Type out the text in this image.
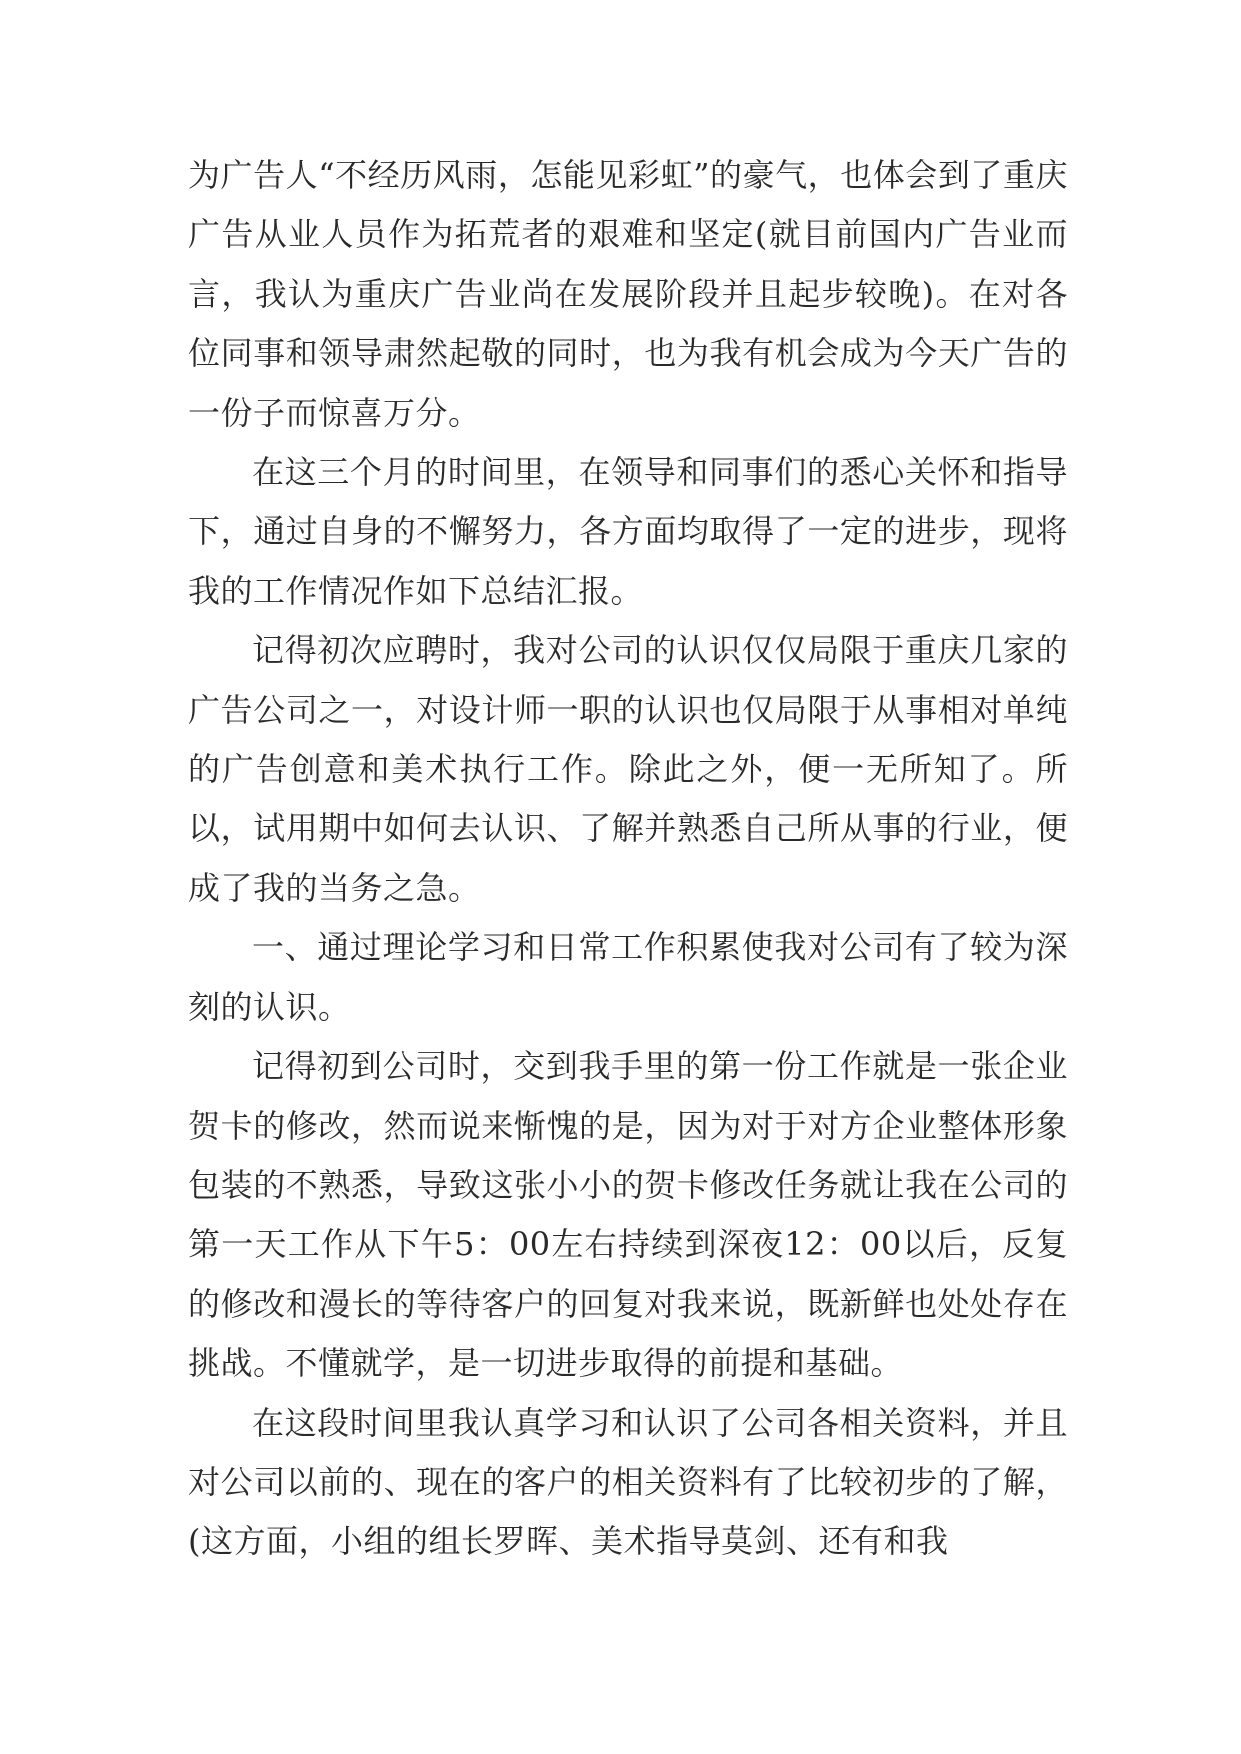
为广告人“不经历风雨，怎能见彩虹”的豪气，也体会到了重庆广告从业人员作为拓荒者的艰难和坚定(就目前国内广告业而言，我认为重庆广告业尚在发展阶段并且起步较晚)。在对各位同事和领导肃然起敬的同时，也为我有机会成为今天广告的一份子而惊喜万分。

在这三个月的时间里，在领导和同事们的悉心关怀和指导下，通过自身的不懈努力，各方面均取得了一定的进步，现将我的工作情况作如下总结汇报。

记得初次应聘时，我对公司的认识仅仅局限于重庆几家的广告公司之一，对设计师一职的认识也仅局限于从事相对单纯的广告创意和美术执行工作。除此之外，便一无所知了。所以，试用期中如何去认识、了解并熟悉自己所从事的行业，便成了我的当务之急。

一、通过理论学习和日常工作积累使我对公司有了较为深刻的认识。

记得初到公司时，交到我手里的第一份工作就是一张企业贺卡的修改，然而说来惭愧的是，因为对于对方企业整体形象包装的不熟悉，导致这张小小的贺卡修改任务就让我在公司的第一天工作从下午5：00左右持续到深夜12：00以后，反复的修改和漫长的等待客户的回复对我来说，既新鲜也处处存在挑战。不懂就学，是一切进步取得的前提和基础。

在这段时间里我认真学习和认识了公司各相关资料，并且对公司以前的、现在的客户的相关资料有了比较初步的了解，(这方面，小组的组长罗晖、美术指导莫剑、还有和我
